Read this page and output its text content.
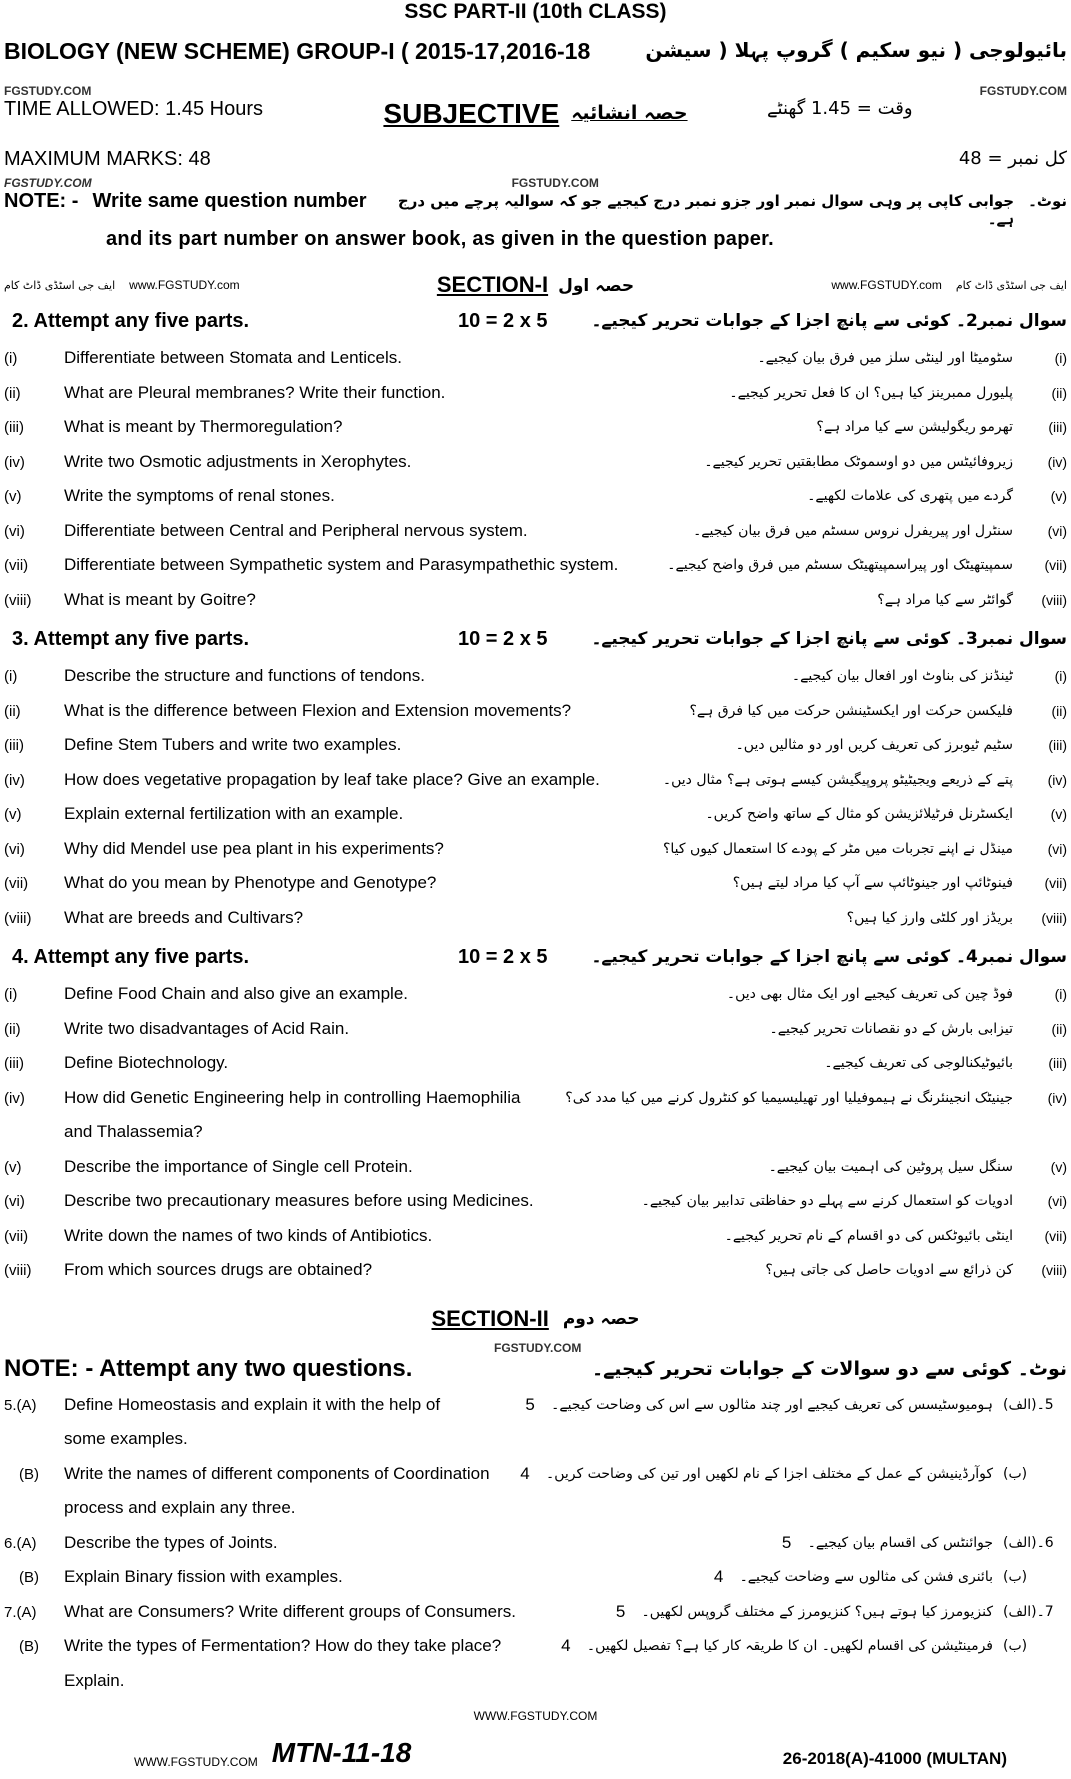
SSC PART-II (10th CLASS)
BIOLOGY (NEW SCHEME) GROUP-I ( 2015-17,2016-18	بائیولوجی ( نیو سکیم ) گروپ پہلا ( سیشن
FGSTUDY.COM	FGSTUDY.COM
TIME ALLOWED: 1.45 Hours	SUBJECTIVE حصہ انشائیہ	وقت = 1.45 گھنٹے
MAXIMUM MARKS: 48	کل نمبر = 48
FGSTUDY.COM	FGSTUDY.COM
NOTE: - Write same question number	جوابی کاپی پر وہی سوال نمبر اور جزو نمبر درج کیجیے جو کہ سوالیہ پرچے میں درج ہے۔
نوٹ۔
and its part number on answer book, as given in the question paper.
ایف جی اسٹڈی ڈاٹ کام www.FGSTUDY.com	SECTION-I حصہ اول	www.FGSTUDY.com ایف جی اسٹڈی ڈاٹ کام
2. Attempt any five parts.	10 = 2 x 5	سوال نمبر2۔ کوئی سے پانچ اجزا کے جوابات تحریر کیجیے۔
(i)	Differentiate between Stomata and Lenticels.	سٹومیٹا اور لینٹی سلز میں فرق بیان کیجیے۔	(i)
(ii)	What are Pleural membranes? Write their function.	پلیورل ممبرینز کیا ہیں؟ ان کا فعل تحریر کیجیے۔	(ii)
(iii)	What is meant by Thermoregulation?	تھرمو ریگولیشن سے کیا مراد ہے؟	(iii)
(iv)	Write two Osmotic adjustments in Xerophytes.	زیروفائیٹس میں دو اوسموٹک مطابقتیں تحریر کیجیے۔	(iv)
(v)	Write the symptoms of renal stones.	گردے میں پتھری کی علامات لکھیے۔	(v)
(vi)	Differentiate between Central and Peripheral nervous system.	سنٹرل اور پیریفرل نروس سسٹم میں فرق بیان کیجیے۔	(vi)
(vii)	Differentiate between Sympathetic system and Parasympathethic system.	سمپیتھیٹک اور پیراسمپیتھیٹک سسٹم میں فرق واضح کیجیے۔	(vii)
(viii)	What is meant by Goitre?	گوائٹر سے کیا مراد ہے؟	(viii)
3. Attempt any five parts.	10 = 2 x 5	سوال نمبر3۔ کوئی سے پانچ اجزا کے جوابات تحریر کیجیے۔
(i)	Describe the structure and functions of tendons.	ٹینڈنز کی بناوٹ اور افعال بیان کیجیے۔	(i)
(ii)	What is the difference between Flexion and Extension movements?	فلیکسن حرکت اور ایکسٹینشن حرکت میں کیا فرق ہے؟	(ii)
(iii)	Define Stem Tubers and write two examples.	سٹیم ٹیوبرز کی تعریف کریں اور دو مثالیں دیں۔	(iii)
(iv)	How does vegetative propagation by leaf take place? Give an example.	پتے کے ذریعے ویجیٹیٹو پروپیگیشن کیسے ہوتی ہے؟ مثال دیں۔	(iv)
(v)	Explain external fertilization with an example.	ایکسٹرنل فرٹیلائزیشن کو مثال کے ساتھ واضح کریں۔	(v)
(vi)	Why did Mendel use pea plant in his experiments?	مینڈل نے اپنے تجربات میں مٹر کے پودے کا استعمال کیوں کیا؟	(vi)
(vii)	What do you mean by Phenotype and Genotype?	فینوٹائپ اور جینوٹائپ سے آپ کیا مراد لیتے ہیں؟	(vii)
(viii)	What are breeds and Cultivars?	بریڈز اور کلٹی وارز کیا ہیں؟	(viii)
4. Attempt any five parts.	10 = 2 x 5	سوال نمبر4۔ کوئی سے پانچ اجزا کے جوابات تحریر کیجیے۔
(i)	Define Food Chain and also give an example.	فوڈ چین کی تعریف کیجیے اور ایک مثال بھی دیں۔	(i)
(ii)	Write two disadvantages of Acid Rain.	تیزابی بارش کے دو نقصانات تحریر کیجیے۔	(ii)
(iii)	Define Biotechnology.	بائیوٹیکنالوجی کی تعریف کیجیے۔	(iii)
(iv)	How did Genetic Engineering help in controlling Haemophilia	جینیٹک انجینئرنگ نے ہیموفیلیا اور تھیلیسیمیا کو کنٹرول کرنے میں کیا مدد کی؟	(iv)
and Thalassemia?
(v)	Describe the importance of Single cell Protein.	سنگل سیل پروٹین کی اہمیت بیان کیجیے۔	(v)
(vi)	Describe two precautionary measures before using Medicines.	ادویات کو استعمال کرنے سے پہلے دو حفاظتی تدابیر بیان کیجیے۔	(vi)
(vii)	Write down the names of two kinds of Antibiotics.	اینٹی بائیوٹکس کی دو اقسام کے نام تحریر کیجیے۔	(vii)
(viii)	From which sources drugs are obtained?	کن ذرائع سے ادویات حاصل کی جاتی ہیں؟	(viii)
SECTION-II حصہ دوم
FGSTUDY.COM
NOTE: - Attempt any two questions.	نوٹ۔ کوئی سے دو سوالات کے جوابات تحریر کیجیے۔
5.(A)	Define Homeostasis and explain it with the help of	5	ہومیوسٹیسس کی تعریف کیجیے اور چند مثالوں سے اس کی وضاحت کیجیے۔ 5۔(الف)
some examples.
(B)	Write the names of different components of Coordination	4	کوآرڈینیشن کے عمل کے مختلف اجزا کے نام لکھیں اور تین کی وضاحت کریں۔ (ب)
process and explain any three.
6.(A)	Describe the types of Joints.	5	جوائنٹس کی اقسام بیان کیجیے۔ 6۔(الف)
(B)	Explain Binary fission with examples.	4	بائنری فشن کی مثالوں سے وضاحت کیجیے۔ (ب)
7.(A)	What are Consumers? Write different groups of Consumers.	5	کنزیومرز کیا ہوتے ہیں؟ کنزیومرز کے مختلف گروپس لکھیں۔ 7۔(الف)
(B)	Write the types of Fermentation? How do they take place?	4	فرمینٹیشن کی اقسام لکھیں۔ ان کا طریقہ کار کیا ہے؟ تفصیل لکھیں۔ (ب)
Explain.
WWW.FGSTUDY.COM
WWW.FGSTUDY.COM MTN-11-18	26-2018(A)-41000 (MULTAN)
